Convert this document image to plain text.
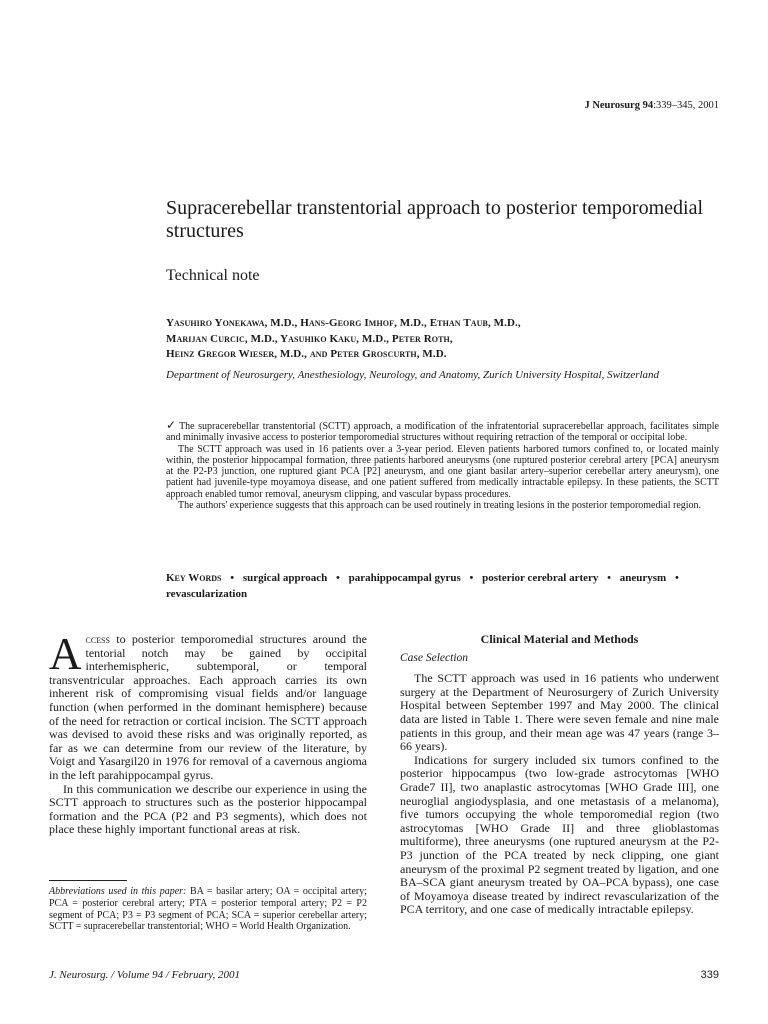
J Neurosurg 94:339–345, 2001
Supracerebellar transtentorial approach to posterior temporomedial structures
Technical note
Yasuhiro Yonekawa, M.D., Hans-Georg Imhof, M.D., Ethan Taub, M.D.,
Marijan Curcic, M.D., Yasuhiko Kaku, M.D., Peter Roth,
Heinz Gregor Wieser, M.D., and Peter Groscurth, M.D.
Department of Neurosurgery, Anesthesiology, Neurology, and Anatomy, Zurich University Hospital, Switzerland

✓ The supracerebellar transtentorial (SCTT) approach, a modification of the infratentorial supracerebellar approach, facilitates simple and minimally invasive access to posterior temporomedial structures without requiring retraction of the temporal or occipital lobe.

The SCTT approach was used in 16 patients over a 3-year period. Eleven patients harbored tumors confined to, or located mainly within, the posterior hippocampal formation, three patients harbored aneurysms (one ruptured posterior cerebral artery [PCA] aneurysm at the P2-P3 junction, one ruptured giant PCA [P2] aneurysm, and one giant basilar artery–superior cerebellar artery aneurysm), one patient had juvenile-type moyamoya disease, and one patient suffered from medically intractable epilepsy. In these patients, the SCTT approach enabled tumor removal, aneurysm clipping, and vascular bypass procedures.

The authors' experience suggests that this approach can be used routinely in treating lesions in the posterior temporomedial region.

Key Words • surgical approach • parahippocampal gyrus • posterior cerebral artery • aneurysm • revascularization

Access to posterior temporomedial structures around the tentorial notch may be gained by occipital interhemispheric, subtemporal, or temporal transventricular approaches. Each approach carries its own inherent risk of compromising visual fields and/or language function (when performed in the dominant hemisphere) because of the need for retraction or cortical incision. The SCTT approach was devised to avoid these risks and was originally reported, as far as we can determine from our review of the literature, by Voigt and Yasargil20 in 1976 for removal of a cavernous angioma in the left parahippocampal gyrus.

In this communication we describe our experience in using the SCTT approach to structures such as the posterior hippocampal formation and the PCA (P2 and P3 segments), which does not place these highly important functional areas at risk.

Abbreviations used in this paper: BA = basilar artery; OA = occipital artery; PCA = posterior cerebral artery; PTA = posterior temporal artery; P2 = P2 segment of PCA; P3 = P3 segment of PCA; SCA = superior cerebellar artery; SCTT = supracerebellar transtentorial; WHO = World Health Organization.
Clinical Material and Methods
Case Selection

The SCTT approach was used in 16 patients who underwent surgery at the Department of Neurosurgery of Zurich University Hospital between September 1997 and May 2000. The clinical data are listed in Table 1. There were seven female and nine male patients in this group, and their mean age was 47 years (range 3–66 years).

Indications for surgery included six tumors confined to the posterior hippocampus (two low-grade astrocytomas [WHO Grade7 II], two anaplastic astrocytomas [WHO Grade III], one neuroglial angiodysplasia, and one metastasis of a melanoma), five tumors occupying the whole temporomedial region (two astrocytomas [WHO Grade II] and three glioblastomas multiforme), three aneurysms (one ruptured aneurysm at the P2-P3 junction of the PCA treated by neck clipping, one giant aneurysm of the proximal P2 segment treated by ligation, and one BA–SCA giant aneurysm treated by OA–PCA bypass), one case of Moyamoya disease treated by indirect revascularization of the PCA territory, and one case of medically intractable epilepsy.

J. Neurosurg. / Volume 94 / February, 2001	339
